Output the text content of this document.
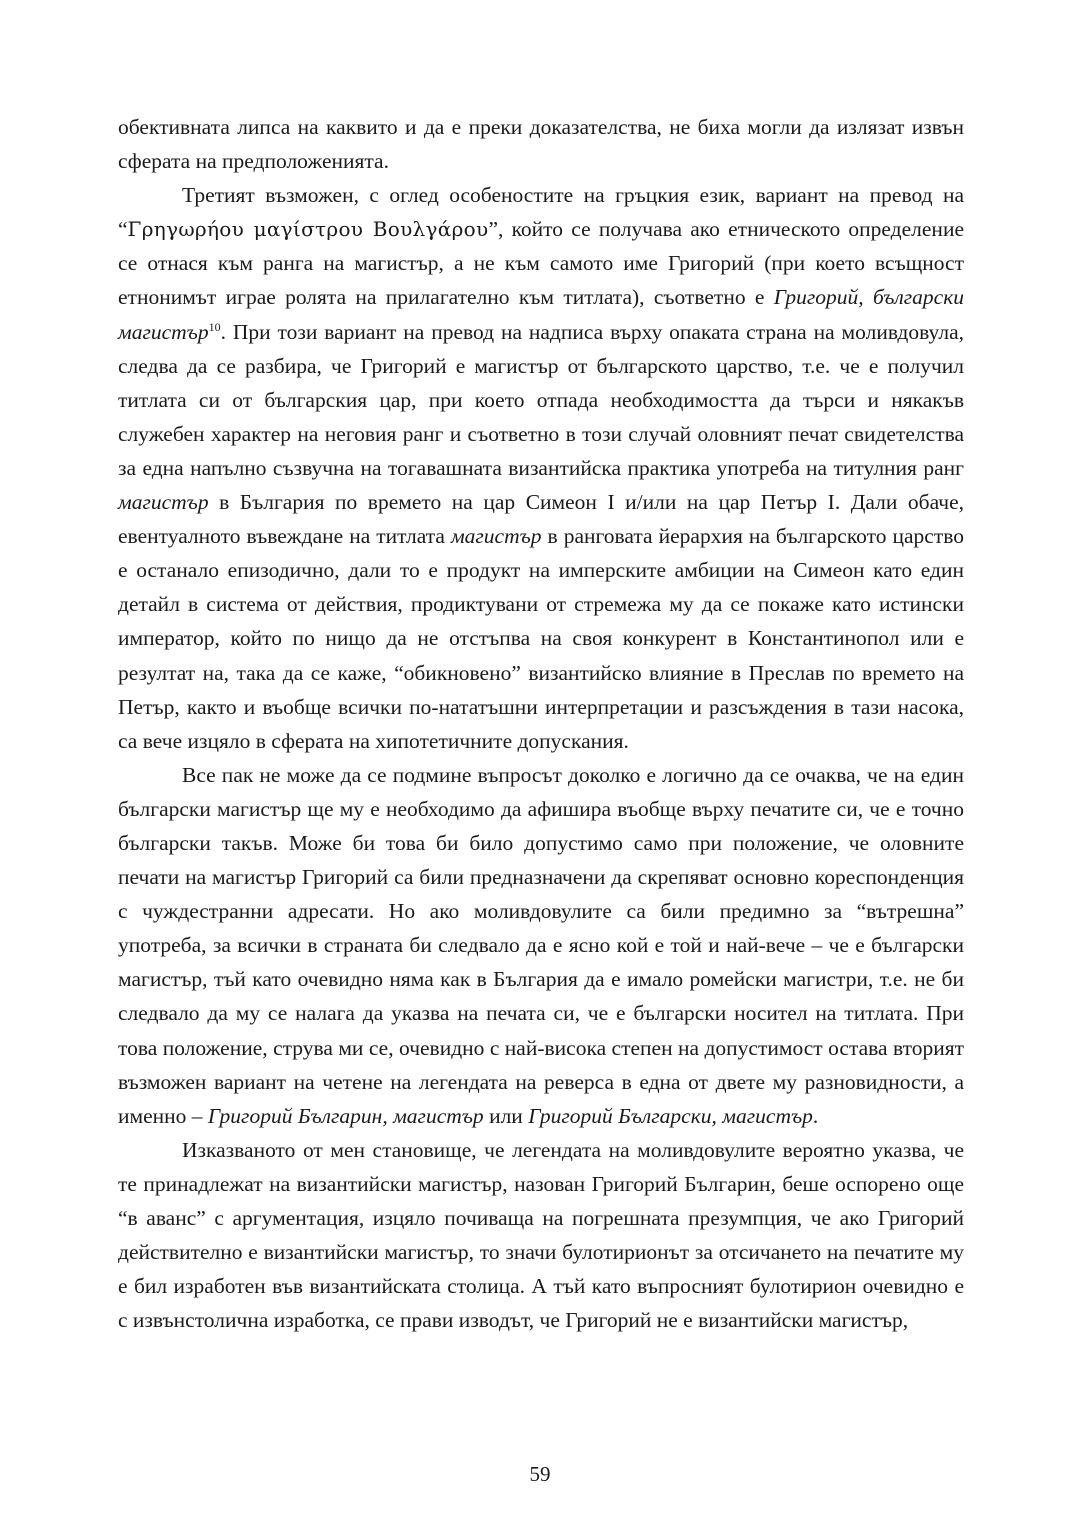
обективната липса на каквито и да е преки доказателства, не биха могли да излязат извън сферата на предположенията.

Третият възможен, с оглед особеностите на гръцкия език, вариант на превод на “Γρηγωρήου μαγίστρου Βουλγάρου”, който се получава ако етническото определение се отнася към ранга на магистър, а не към самото име Григорий (при което всъщност етнонимът играе ролята на прилагателно към титлата), съответно е Григорий, български магистър$^{10}$. При този вариант на превод на надписа върху опаката страна на моливдовула, следва да се разбира, че Григорий е магистър от българското царство, т.е. че е получил титлата си от българския цар, при което отпада необходимостта да търси и някакъв служебен характер на неговия ранг и съответно в този случай оловният печат свидетелства за една напълно съзвучна на тогавашната византийска практика употреба на титулния ранг магистър в България по времето на цар Симеон I и/или на цар Петър I. Дали обаче, евентуалното въвеждане на титлата магистър в ранговата йерархия на българското царство е останало епизодично, дали то е продукт на имперските амбиции на Симеон като един детайл в система от действия, продиктувани от стремежа му да се покаже като истински император, който по нищо да не отстъпва на своя конкурент в Константинопол или е резултат на, така да се каже, “обикновено” византийско влияние в Преслав по времето на Петър, както и въобще всички по-нататъшни интерпретации и разсъждения в тази насока, са вече изцяло в сферата на хипотетичните допускания.

Все пак не може да се подмине въпросът доколко е логично да се очаква, че на един български магистър ще му е необходимо да афишира въобще върху печатите си, че е точно български такъв. Може би това би било допустимо само при положение, че оловните печати на магистър Григорий са били предназначени да скрепяват основно кореспонденция с чуждестранни адресати. Но ако моливдовулите са били предимно за “вътрешна” употреба, за всички в страната би следвало да е ясно кой е той и най-вече – че е български магистър, тъй като очевидно няма как в България да е имало ромейски магистри, т.е. не би следвало да му се налага да указва на печата си, че е български носител на титлата. При това положение, струва ми се, очевидно с най-висока степен на допустимост остава вторият възможен вариант на четене на легендата на реверса в една от двете му разновидности, а именно – Григорий Българин, магистър или Григорий Български, магистър.

Изказваното от мен становище, че легендата на моливдовулите вероятно указва, че те принадлежат на византийски магистър, назован Григорий Българин, беше оспорено още “в аванс” с аргументация, изцяло почиваща на погрешната презумпция, че ако Григорий действително е византийски магистър, то значи булотирионът за отсичането на печатите му е бил изработен във византийската столица. А тъй като въпросният булотирион очевидно е с извънстолична изработка, се прави изводът, че Григорий не е византийски магистър,

59
